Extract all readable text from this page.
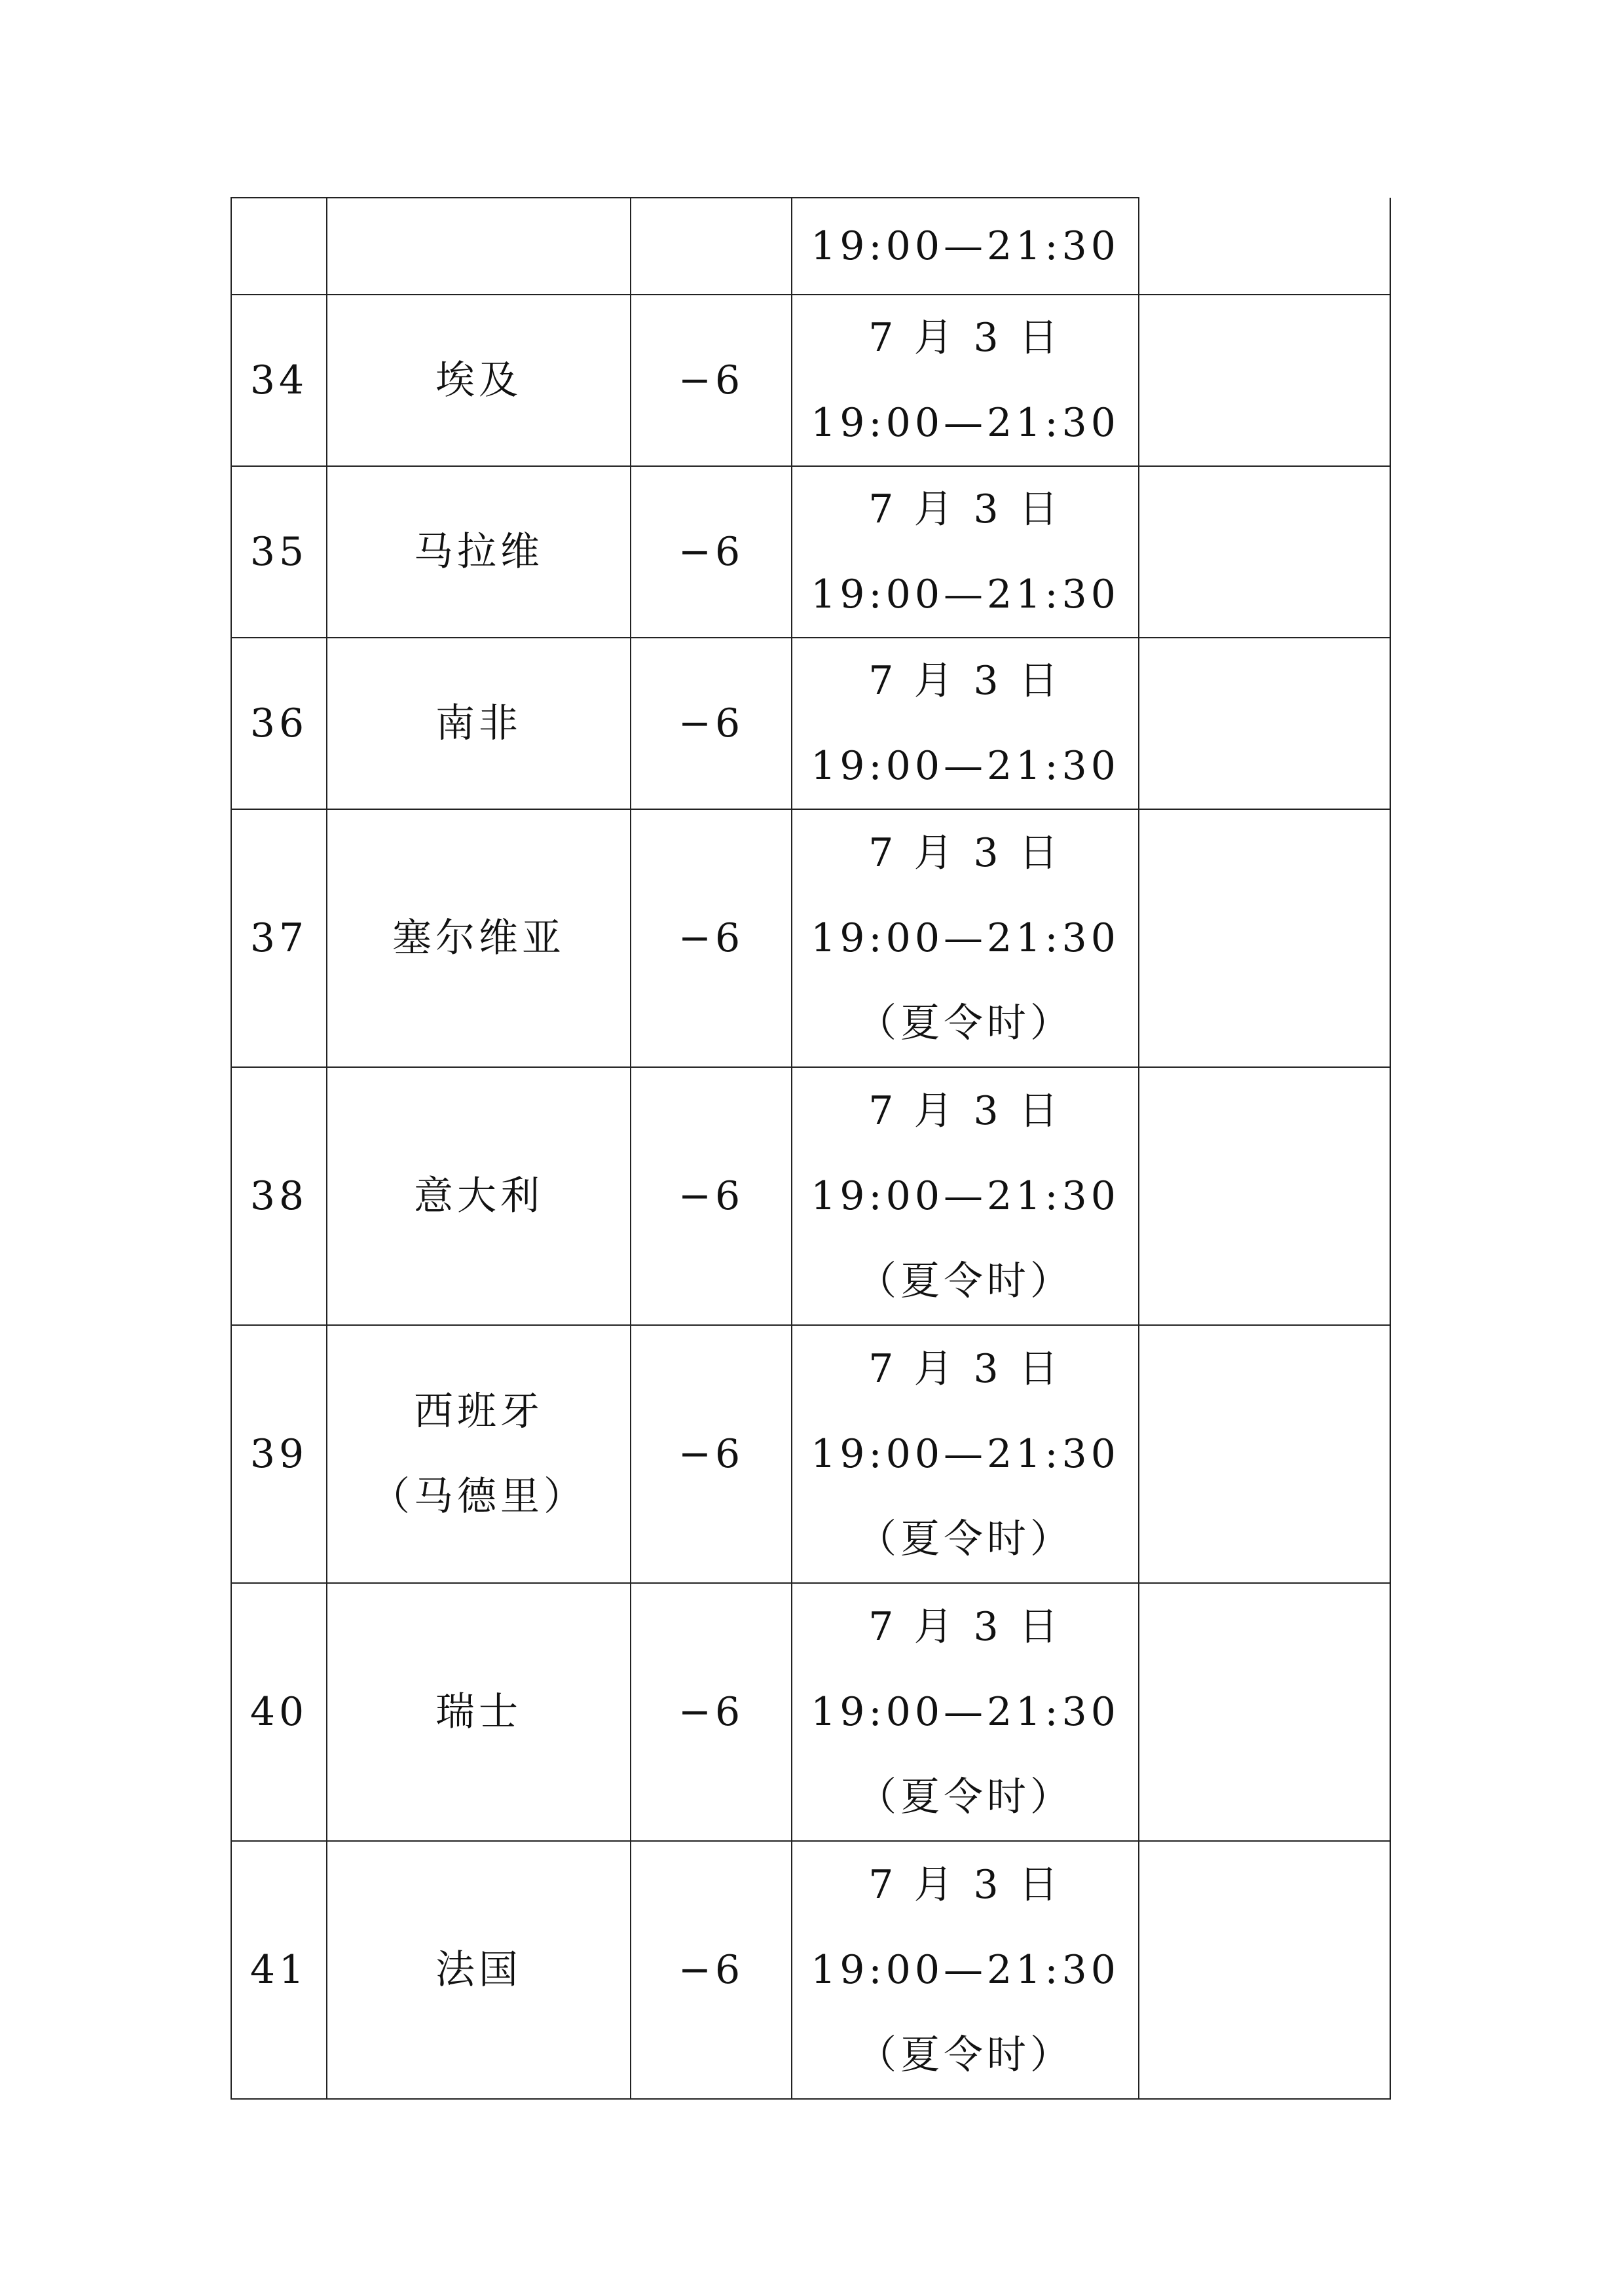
			19:00—21:30	

34	埃及	−6	7 月 3 日
19:00—21:30	

35	马拉维	−6	7 月 3 日
19:00—21:30	

36	南非	−6	7 月 3 日
19:00—21:30	

37	塞尔维亚	−6	7 月 3 日
19:00—21:30
（夏令时）	

38	意大利	−6	7 月 3 日
19:00—21:30
（夏令时）	

39	西班牙
（马德里）	−6	7 月 3 日
19:00—21:30
（夏令时）	

40	瑞士	−6	7 月 3 日
19:00—21:30
（夏令时）	

41	法国	−6	7 月 3 日
19:00—21:30
（夏令时）	
